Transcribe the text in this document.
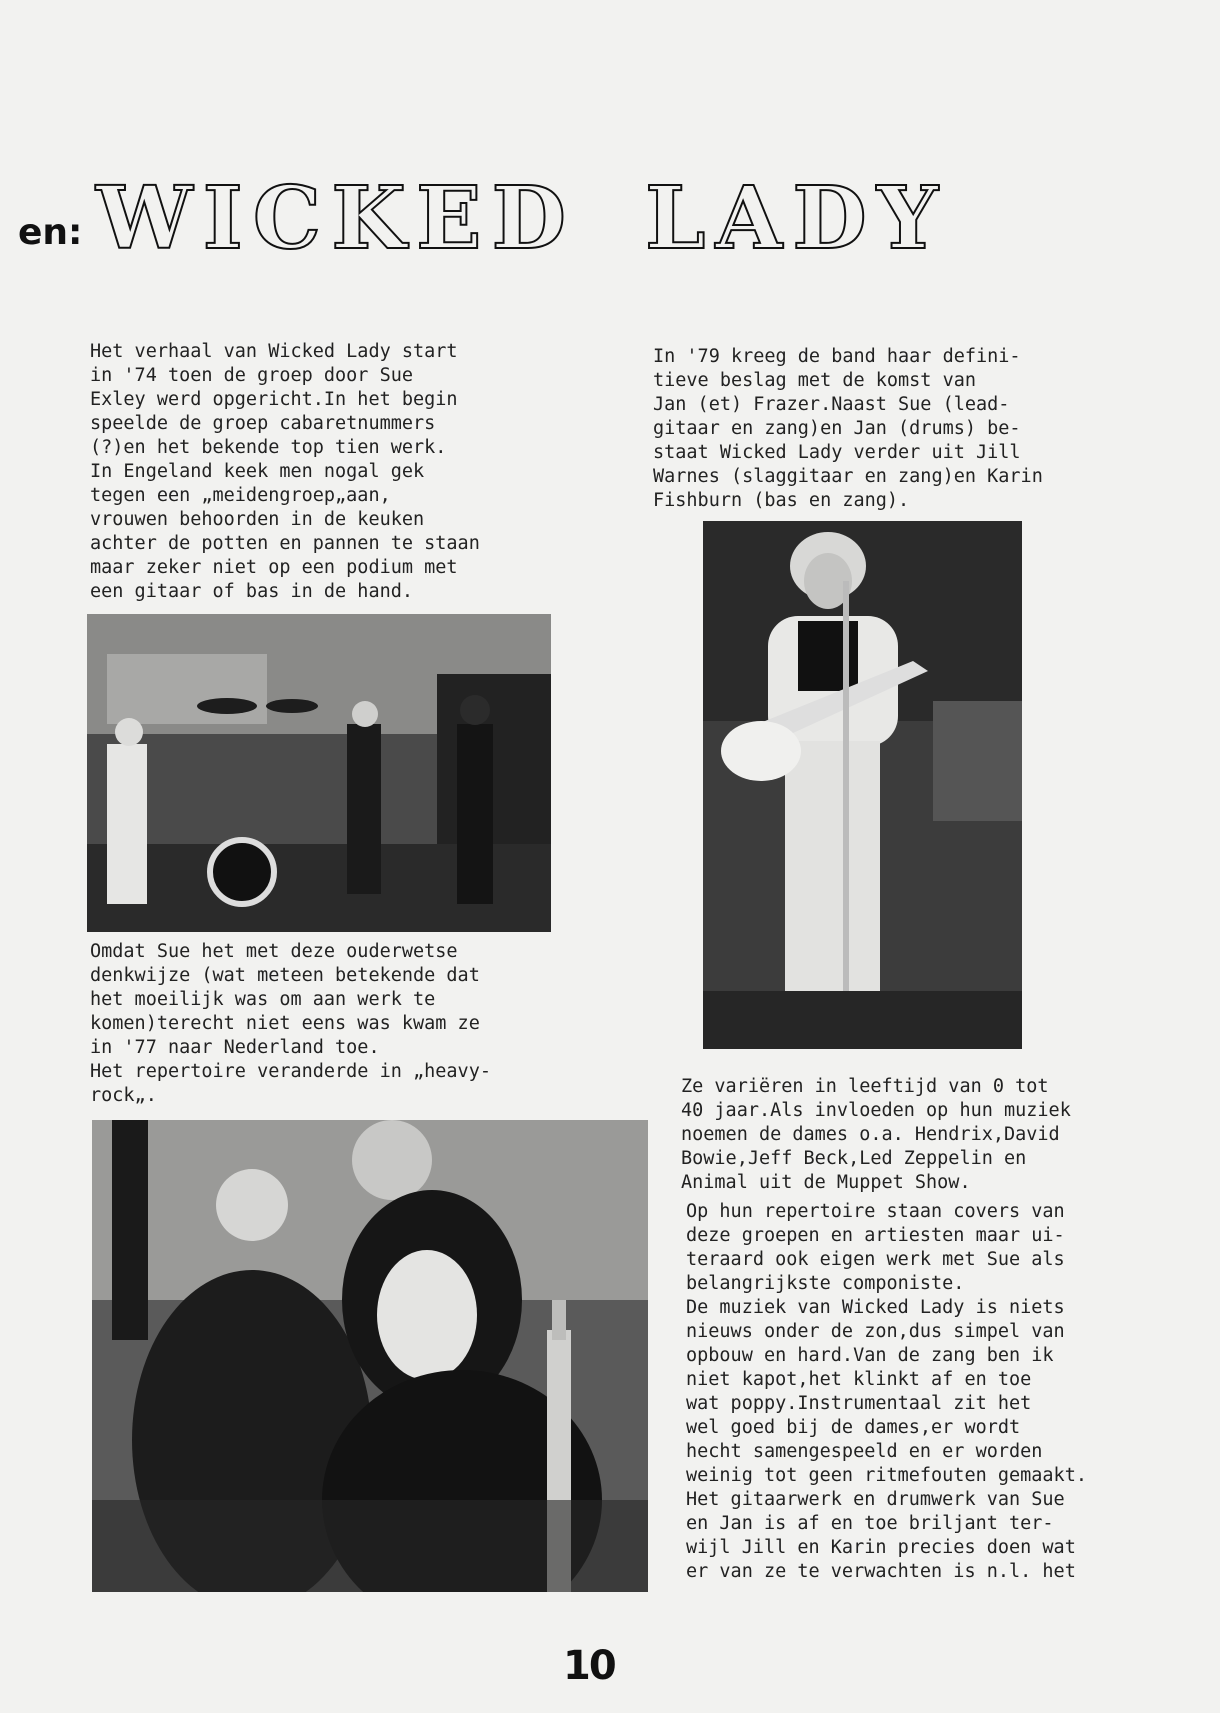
en: WICKED LADY
Het verhaal van Wicked Lady start
in '74 toen de groep door Sue
Exley werd opgericht.In het begin
speelde de groep cabaretnummers
(?)en het bekende top tien werk.
In Engeland keek men nogal gek
tegen een „meidengroep„aan,
vrouwen behoorden in de keuken
achter de potten en pannen te staan
maar zeker niet op een podium met
een gitaar of bas in de hand.
Omdat Sue het met deze ouderwetse
denkwijze (wat meteen betekende dat
het moeilijk was om aan werk te
komen)terecht niet eens was kwam ze
in '77 naar Nederland toe.
Het repertoire veranderde in „heavy-
rock„.
In '79 kreeg de band haar defini-
tieve beslag met de komst van
Jan (et) Frazer.Naast Sue (lead-
gitaar en zang)en Jan (drums) be-
staat Wicked Lady verder uit Jill
Warnes (slaggitaar en zang)en Karin
Fishburn (bas en zang).
Ze variëren in leeftijd van 0 tot
40 jaar.Als invloeden op hun muziek
noemen de dames o.a. Hendrix,David
Bowie,Jeff Beck,Led Zeppelin en
Animal uit de Muppet Show.
Op hun repertoire staan covers van
deze groepen en artiesten maar ui-
teraard ook eigen werk met Sue als
belangrijkste componiste.
De muziek van Wicked Lady is niets
nieuws onder de zon,dus simpel van
opbouw en hard.Van de zang ben ik
niet kapot,het klinkt af en toe
wat poppy.Instrumentaal zit het
wel goed bij de dames,er wordt
hecht samengespeeld en er worden
weinig tot geen ritmefouten gemaakt.
Het gitaarwerk en drumwerk van Sue
en Jan is af en toe briljant ter-
wijl Jill en Karin precies doen wat
er van ze te verwachten is n.l. het
10
